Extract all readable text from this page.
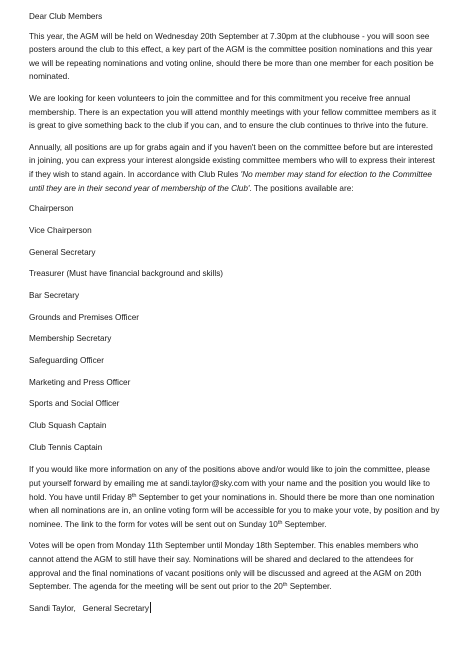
Dear Club Members

This year, the AGM will be held on Wednesday 20th September at 7.30pm at the clubhouse - you will soon see posters around the club to this effect, a key part of the AGM is the committee position nominations and this year we will be repeating nominations and voting online, should there be more than one member for each position be nominated.

We are looking for keen volunteers to join the committee and for this commitment you receive free annual membership. There is an expectation you will attend monthly meetings with your fellow committee members as it is great to give something back to the club if you can, and to ensure the club continues to thrive into the future.

Annually, all positions are up for grabs again and if you haven't been on the committee before but are interested in joining, you can express your interest alongside existing committee members who will to express their interest if they wish to stand again. In accordance with Club Rules 'No member may stand for election to the Committee until they are in their second year of membership of the Club'. The positions available are:

Chairperson
Vice Chairperson
General Secretary
Treasurer (Must have financial background and skills)
Bar Secretary
Grounds and Premises Officer
Membership Secretary
Safeguarding Officer
Marketing and Press Officer
Sports and Social Officer
Club Squash Captain
Club Tennis Captain

If you would like more information on any of the positions above and/or would like to join the committee, please put yourself forward by emailing me at sandi.taylor@sky.com with your name and the position you would like to hold. You have until Friday 8th September to get your nominations in. Should there be more than one nomination when all nominations are in, an online voting form will be accessible for you to make your vote, by position and by nominee. The link to the form for votes will be sent out on Sunday 10th September.

Votes will be open from Monday 11th September until Monday 18th September. This enables members who cannot attend the AGM to still have their say. Nominations will be shared and declared to the attendees for approval and the final nominations of vacant positions only will be discussed and agreed at the AGM on 20th September. The agenda for the meeting will be sent out prior to the 20th September.

Sandi Taylor,   General Secretary
